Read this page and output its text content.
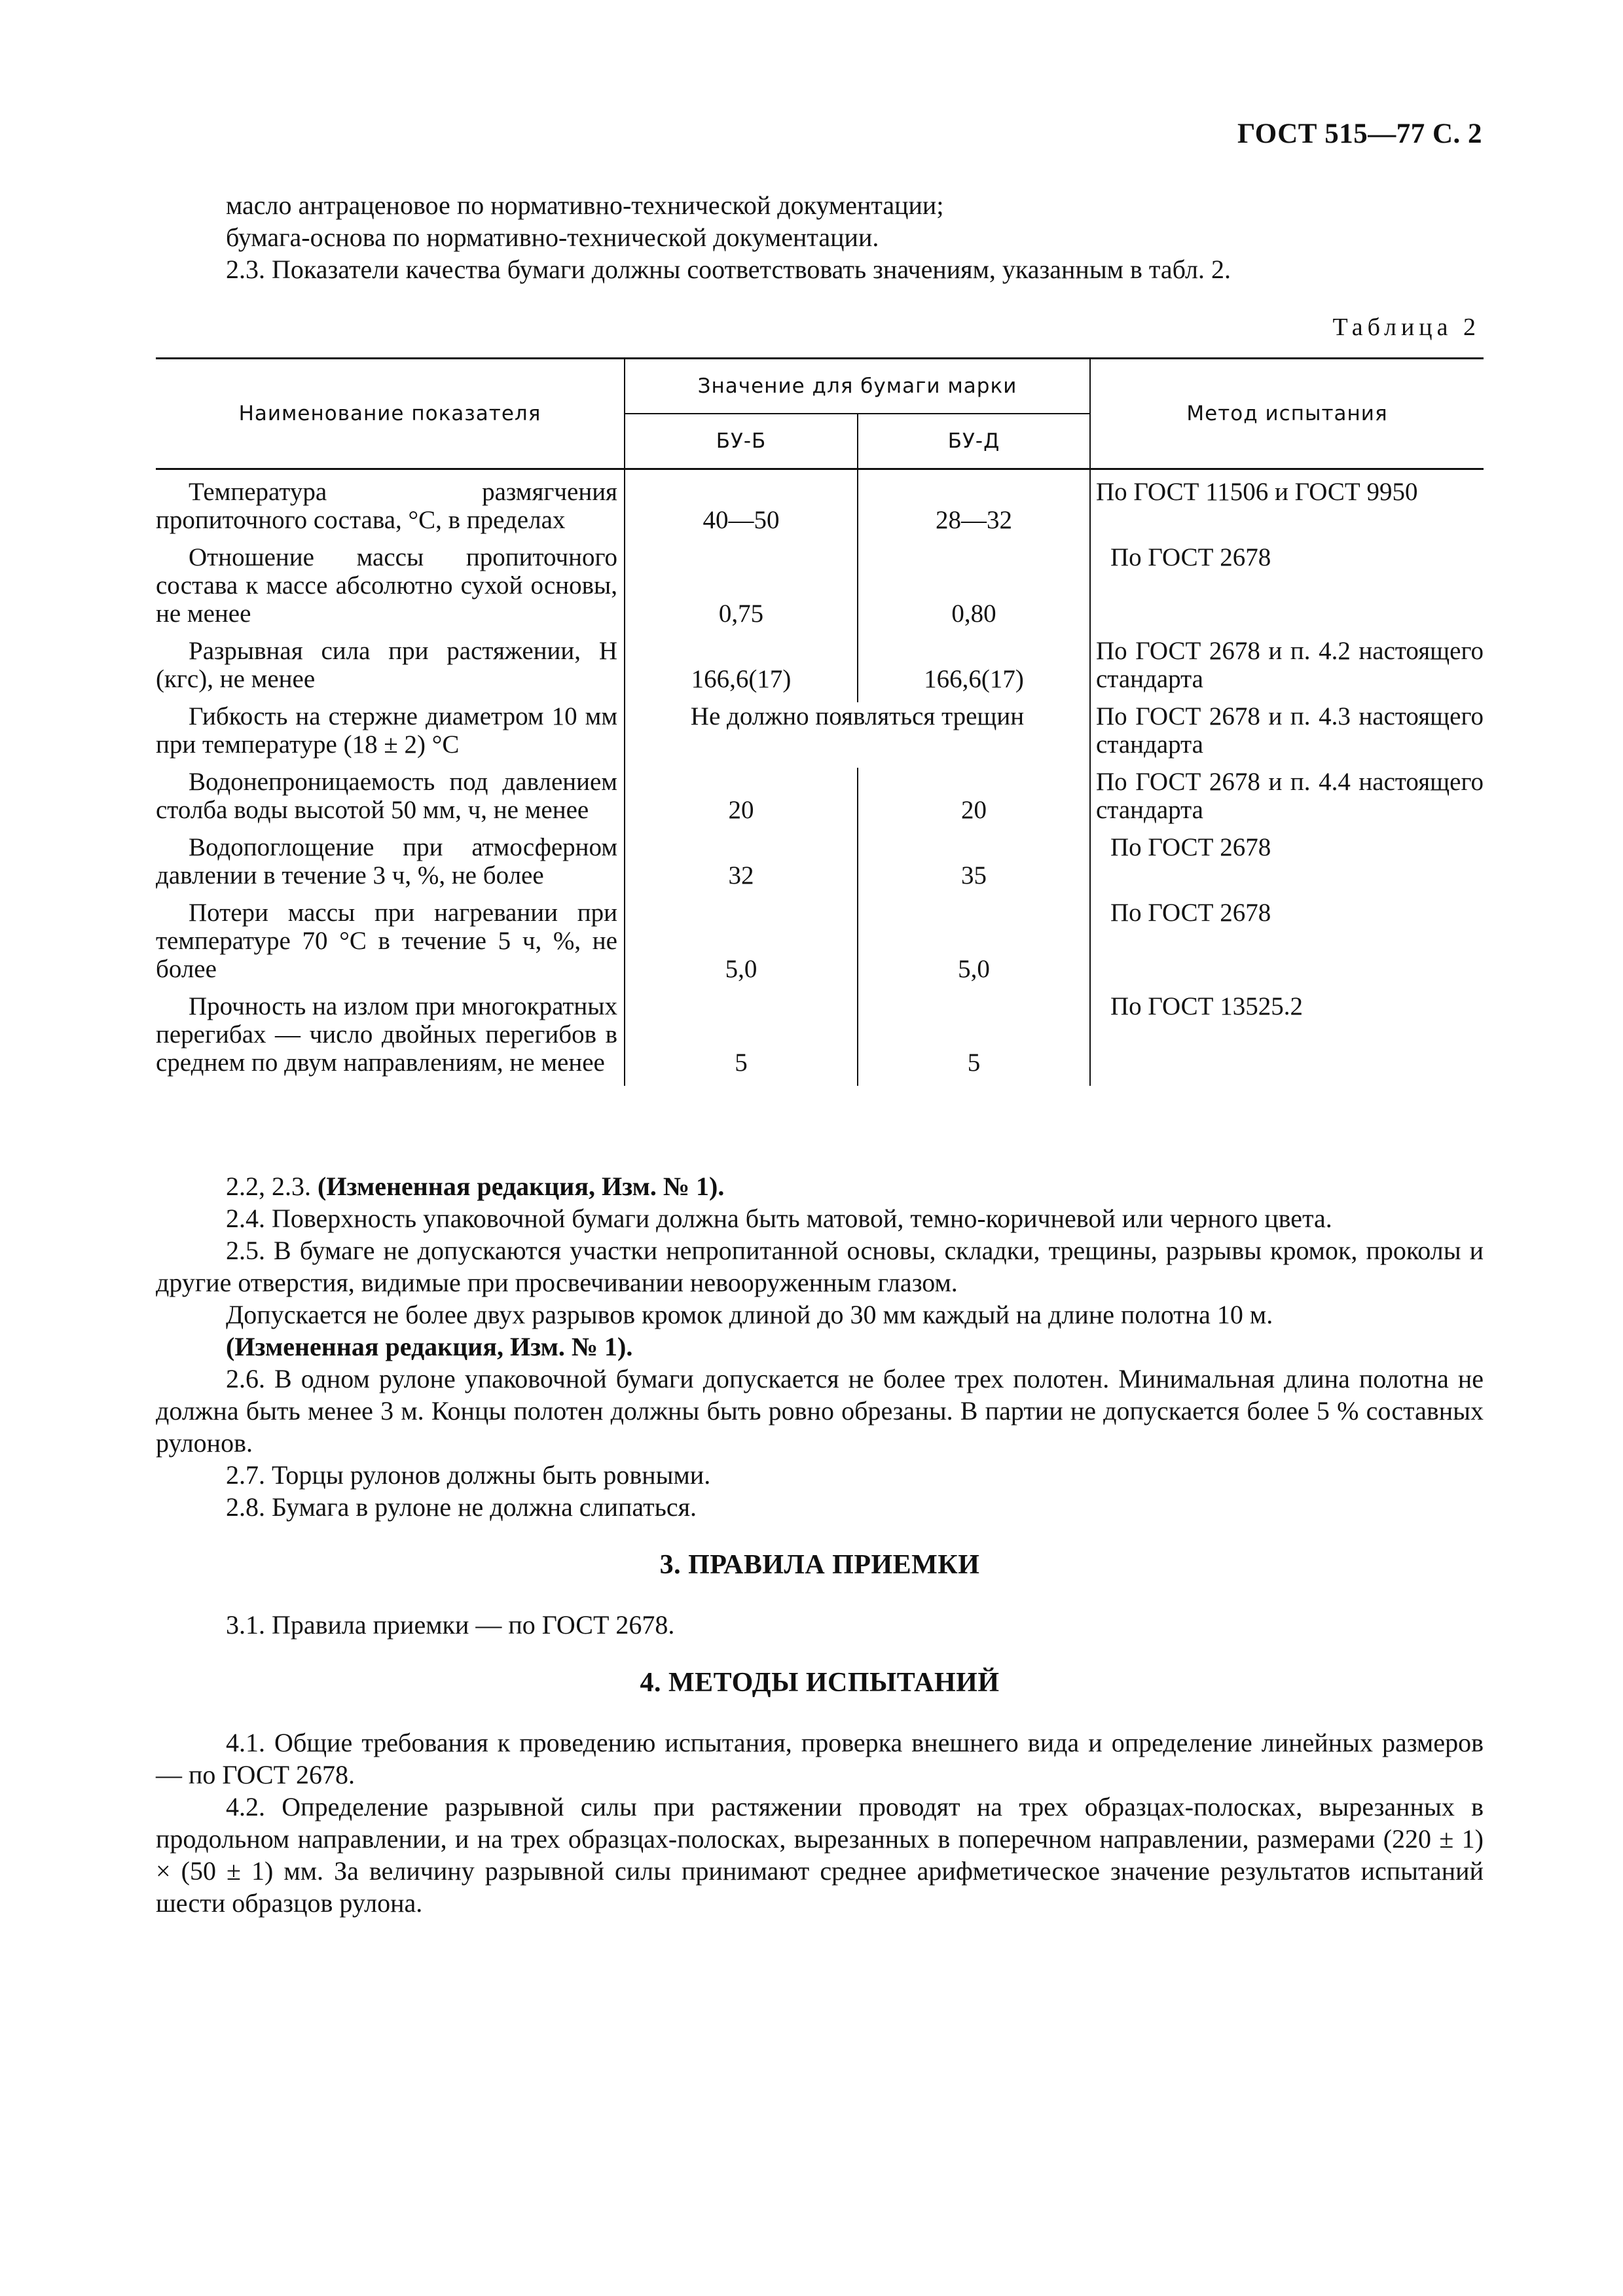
ГОСТ 515—77 С. 2
масло антраценовое по нормативно-технической документации;
бумага-основа по нормативно-технической документации.
2.3. Показатели качества бумаги должны соответствовать значениям, указанным в табл. 2.
Таблица 2
Наименование показателя	Значение для бумаги марки		Метод испытания
	БУ-Б	БУ-Д	
Температура размягчения пропиточного состава, °С, в пределах	40—50	28—32	По ГОСТ 11506 и ГОСТ 9950
Отношение массы пропиточного состава к массе абсолютно сухой основы, не менее	0,75	0,80	По ГОСТ 2678
Разрывная сила при растяжении, Н (кгс), не менее	166,6(17)	166,6(17)	По ГОСТ 2678 и п. 4.2 настоящего стандарта
Гибкость на стержне диаметром 10 мм при температуре (18 ± 2) °С	Не должно появляться трещин		По ГОСТ 2678 и п. 4.3 настоящего стандарта
Водонепроницаемость под давлением столба воды высотой 50 мм, ч, не менее	20	20	По ГОСТ 2678 и п. 4.4 настоящего стандарта
Водопоглощение при атмосферном давлении в течение 3 ч, %, не более	32	35	По ГОСТ 2678
Потери массы при нагревании при температуре 70 °С в течение 5 ч, %, не более	5,0	5,0	По ГОСТ 2678
Прочность на излом при многократных перегибах — число двойных перегибов в среднем по двум направлениям, не менее	5	5	По ГОСТ 13525.2

2.2, 2.3. (Измененная редакция, Изм. № 1).

2.4. Поверхность упаковочной бумаги должна быть матовой, темно-коричневой или черного цвета.

2.5. В бумаге не допускаются участки непропитанной основы, складки, трещины, разрывы кромок, проколы и другие отверстия, видимые при просвечивании невооруженным глазом.

Допускается не более двух разрывов кромок длиной до 30 мм каждый на длине полотна 10 м.

(Измененная редакция, Изм. № 1).

2.6. В одном рулоне упаковочной бумаги допускается не более трех полотен. Минимальная длина полотна не должна быть менее 3 м. Концы полотен должны быть ровно обрезаны. В партии не допускается более 5 % составных рулонов.

2.7. Торцы рулонов должны быть ровными.

2.8. Бумага в рулоне не должна слипаться.

3. ПРАВИЛА ПРИЕМКИ

3.1. Правила приемки — по ГОСТ 2678.

4. МЕТОДЫ ИСПЫТАНИЙ

4.1. Общие требования к проведению испытания, проверка внешнего вида и определение линейных размеров — по ГОСТ 2678.

4.2. Определение разрывной силы при растяжении проводят на трех образцах-полосках, вырезанных в продольном направлении, и на трех образцах-полосках, вырезанных в поперечном направлении, размерами (220 ± 1) × (50 ± 1) мм. За величину разрывной силы принимают среднее арифметическое значение результатов испытаний шести образцов рулона.
